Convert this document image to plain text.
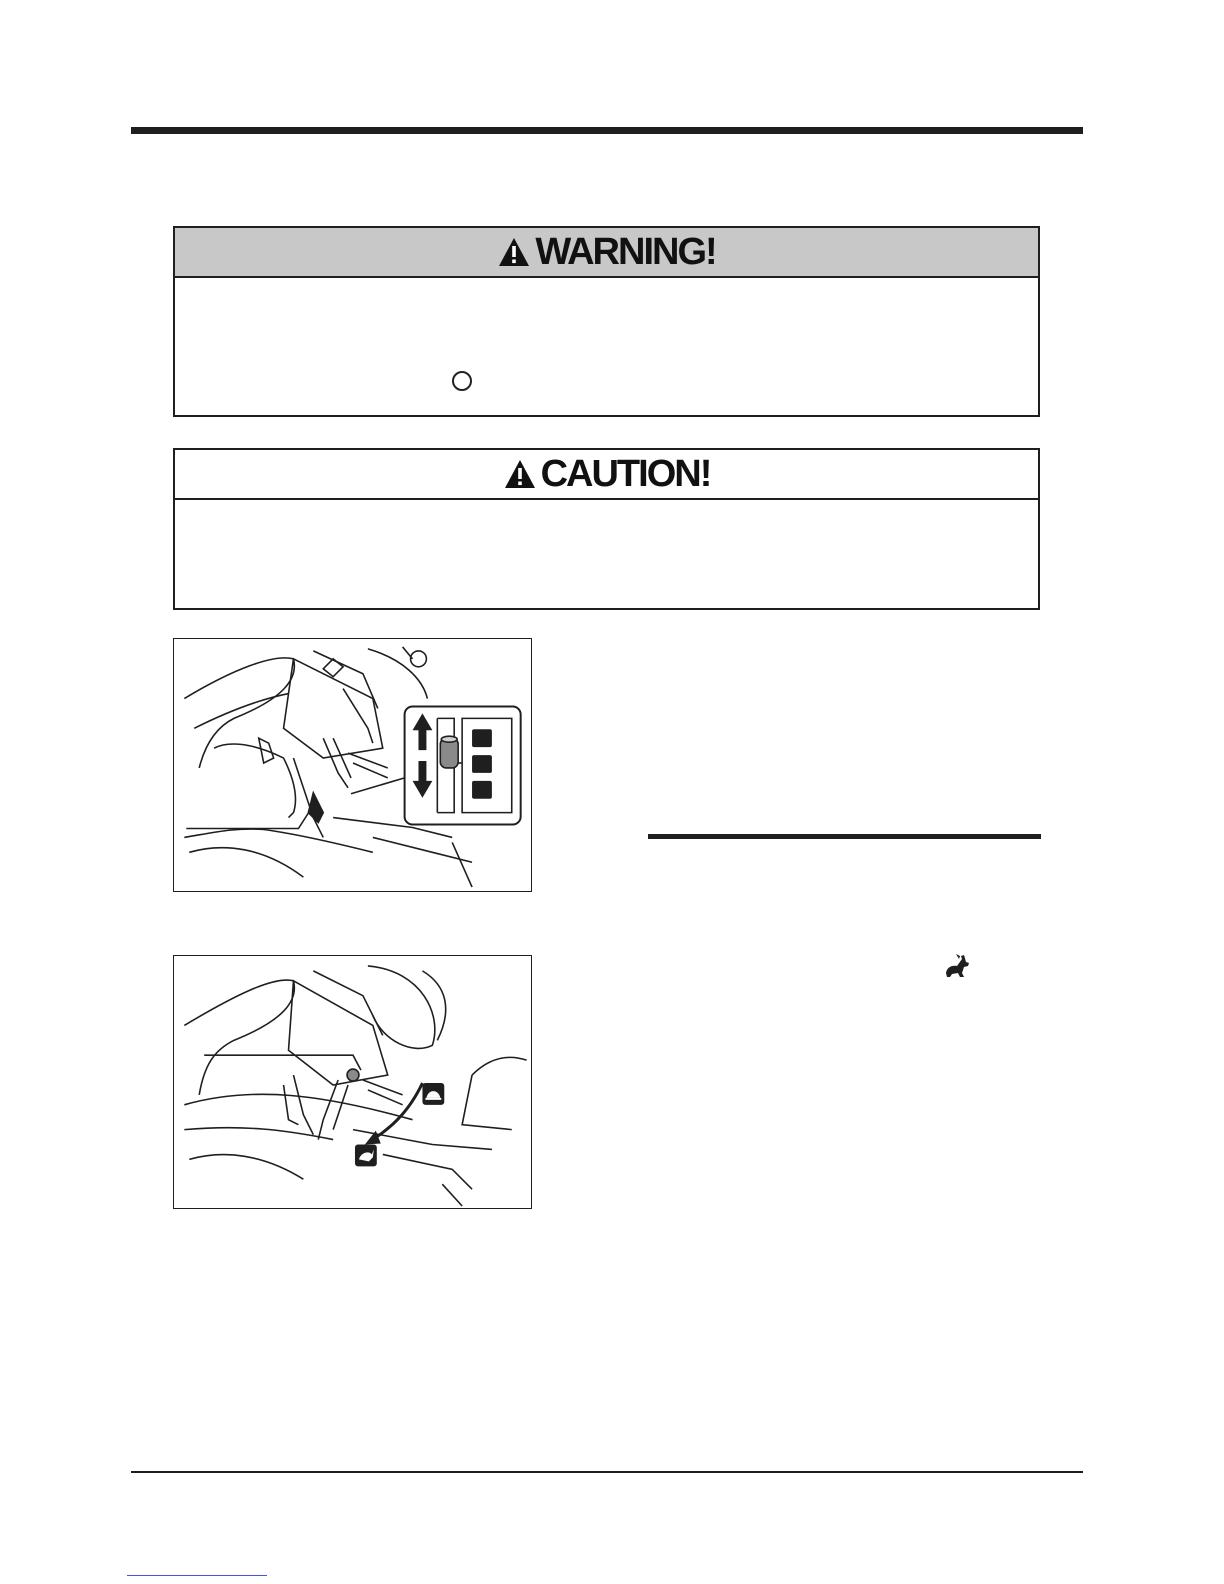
WARNING!
CAUTION!
